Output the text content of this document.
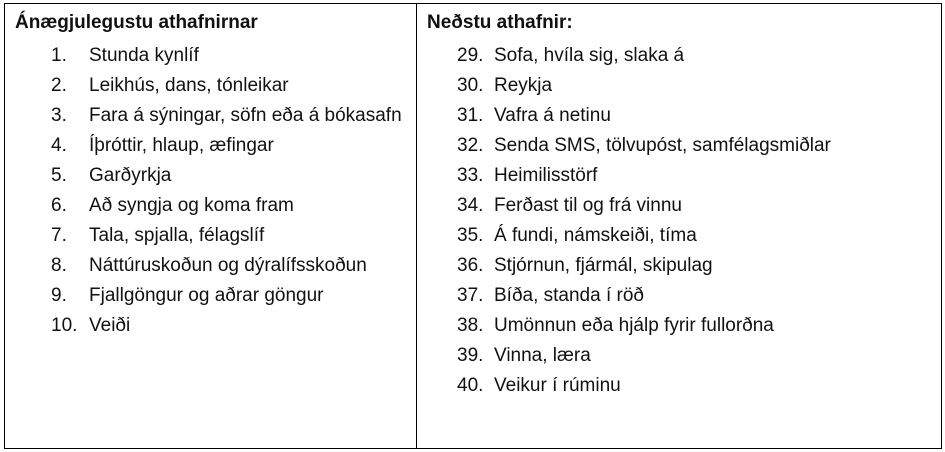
Ánægjulegustu athafnirnar

1.	Stunda kynlíf
2.	Leikhús, dans, tónleikar
3.	Fara á sýningar, söfn eða á bókasafn
4.	Íþróttir, hlaup, æfingar
5.	Garðyrkja
6.	Að syngja og koma fram
7.	Tala, spjalla, félagslíf
8.	Náttúruskoðun og dýralífsskoðun
9.	Fjallgöngur og aðrar göngur
10. Veiði

Neðstu athafnir:

29. Sofa, hvíla sig, slaka á
30. Reykja
31. Vafra á netinu
32. Senda SMS, tölvupóst, samfélagsmiðlar
33. Heimilisstörf
34. Ferðast til og frá vinnu
35. Á fundi, námskeiði, tíma
36. Stjórnun, fjármál, skipulag
37. Bíða, standa í röð
38. Umönnun eða hjálp fyrir fullorðna
39. Vinna, læra
40. Veikur í rúminu
